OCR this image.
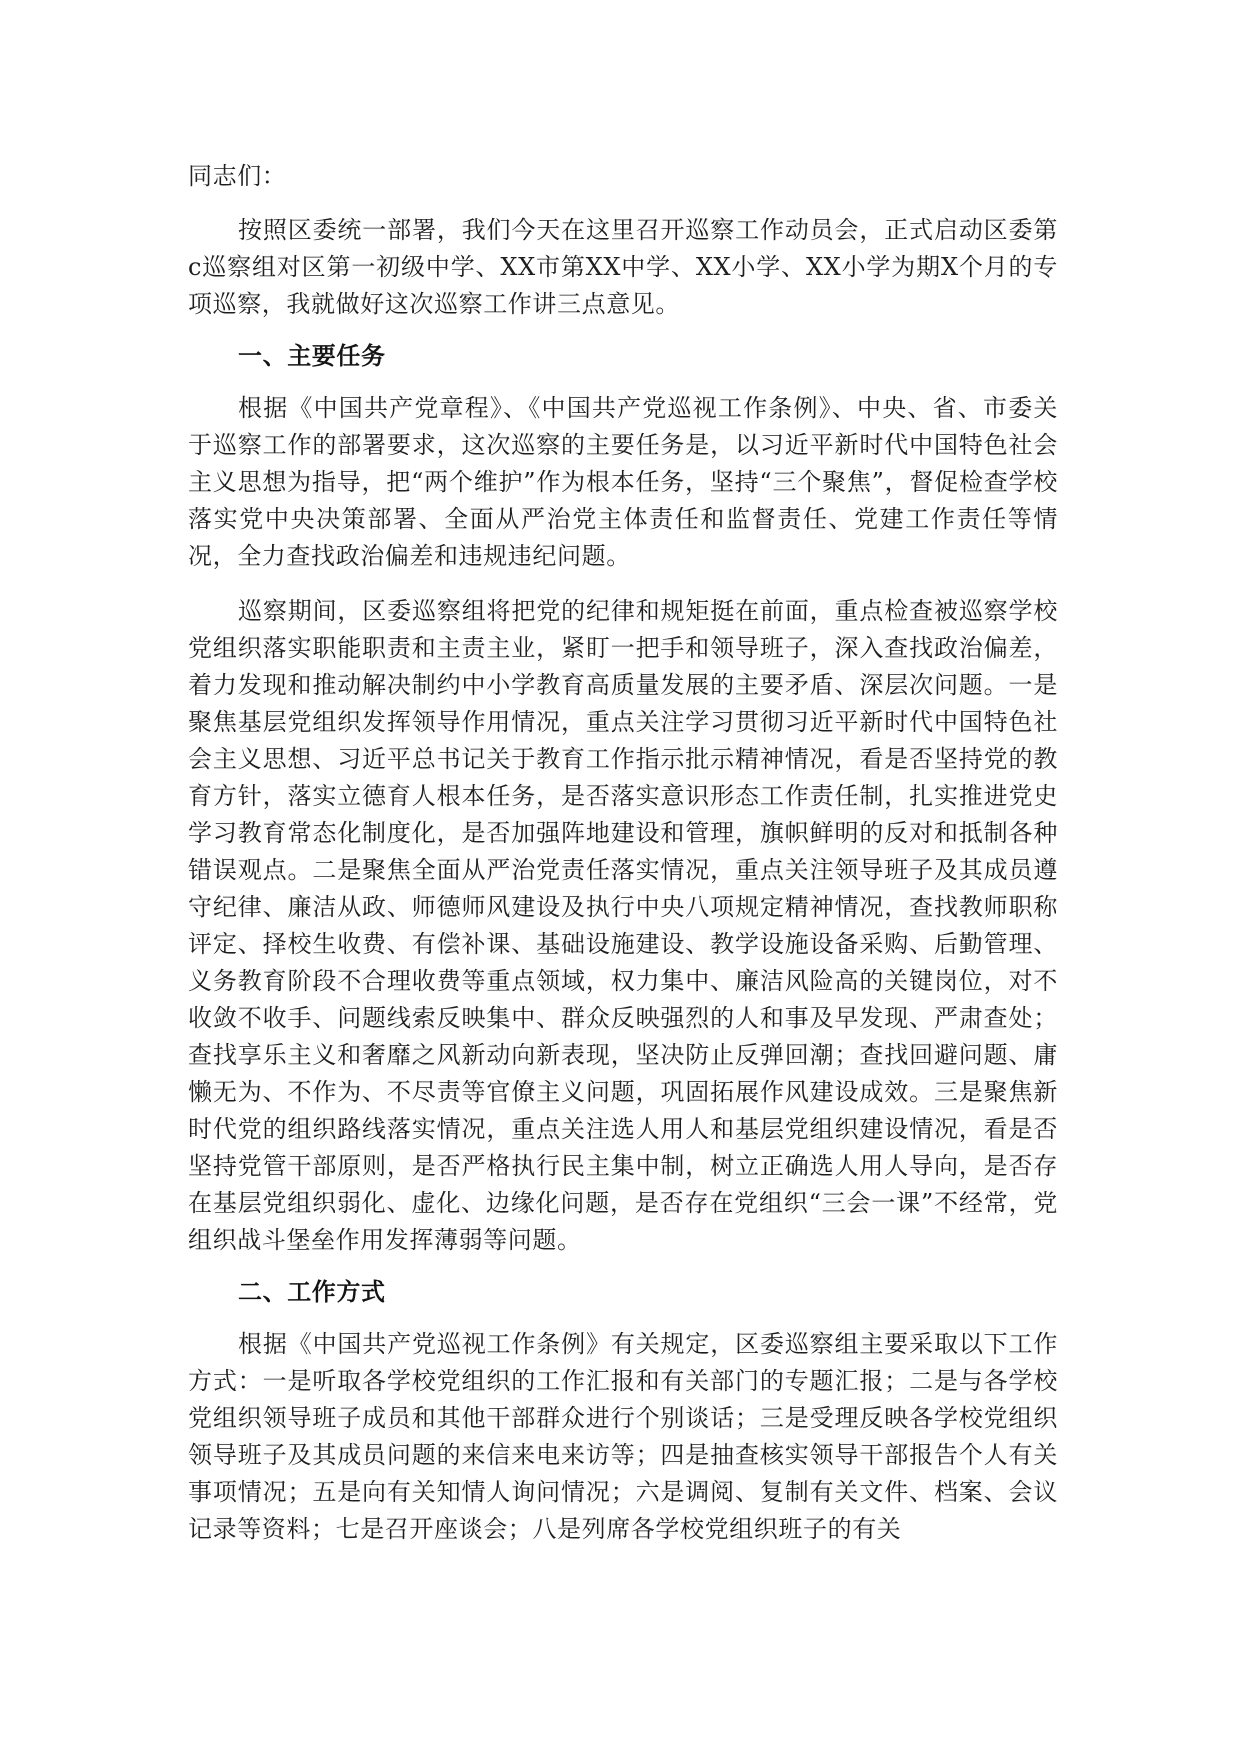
同志们：

按照区委统一部署，我们今天在这里召开巡察工作动员会，正式启动区委第c巡察组对区第一初级中学、XX市第XX中学、XX小学、XX小学为期X个月的专项巡察，我就做好这次巡察工作讲三点意见。

一、主要任务

根据《中国共产党章程》、《中国共产党巡视工作条例》、中央、省、市委关于巡察工作的部署要求，这次巡察的主要任务是，以习近平新时代中国特色社会主义思想为指导，把“两个维护”作为根本任务，坚持“三个聚焦”，督促检查学校落实党中央决策部署、全面从严治党主体责任和监督责任、党建工作责任等情况，全力查找政治偏差和违规违纪问题。

巡察期间，区委巡察组将把党的纪律和规矩挺在前面，重点检查被巡察学校党组织落实职能职责和主责主业，紧盯一把手和领导班子，深入查找政治偏差，着力发现和推动解决制约中小学教育高质量发展的主要矛盾、深层次问题。一是聚焦基层党组织发挥领导作用情况，重点关注学习贯彻习近平新时代中国特色社会主义思想、习近平总书记关于教育工作指示批示精神情况，看是否坚持党的教育方针，落实立德育人根本任务，是否落实意识形态工作责任制，扎实推进党史学习教育常态化制度化，是否加强阵地建设和管理，旗帜鲜明的反对和抵制各种错误观点。二是聚焦全面从严治党责任落实情况，重点关注领导班子及其成员遵守纪律、廉洁从政、师德师风建设及执行中央八项规定精神情况，查找教师职称评定、择校生收费、有偿补课、基础设施建设、教学设施设备采购、后勤管理、义务教育阶段不合理收费等重点领域，权力集中、廉洁风险高的关键岗位，对不收敛不收手、问题线索反映集中、群众反映强烈的人和事及早发现、严肃查处；查找享乐主义和奢靡之风新动向新表现，坚决防止反弹回潮；查找回避问题、庸懒无为、不作为、不尽责等官僚主义问题，巩固拓展作风建设成效。三是聚焦新时代党的组织路线落实情况，重点关注选人用人和基层党组织建设情况，看是否坚持党管干部原则，是否严格执行民主集中制，树立正确选人用人导向，是否存在基层党组织弱化、虚化、边缘化问题，是否存在党组织“三会一课”不经常，党组织战斗堡垒作用发挥薄弱等问题。

二、工作方式

根据《中国共产党巡视工作条例》有关规定，区委巡察组主要采取以下工作方式：一是听取各学校党组织的工作汇报和有关部门的专题汇报；二是与各学校党组织领导班子成员和其他干部群众进行个别谈话；三是受理反映各学校党组织领导班子及其成员问题的来信来电来访等；四是抽查核实领导干部报告个人有关事项情况；五是向有关知情人询问情况；六是调阅、复制有关文件、档案、会议记录等资料；七是召开座谈会；八是列席各学校党组织班子的有关
